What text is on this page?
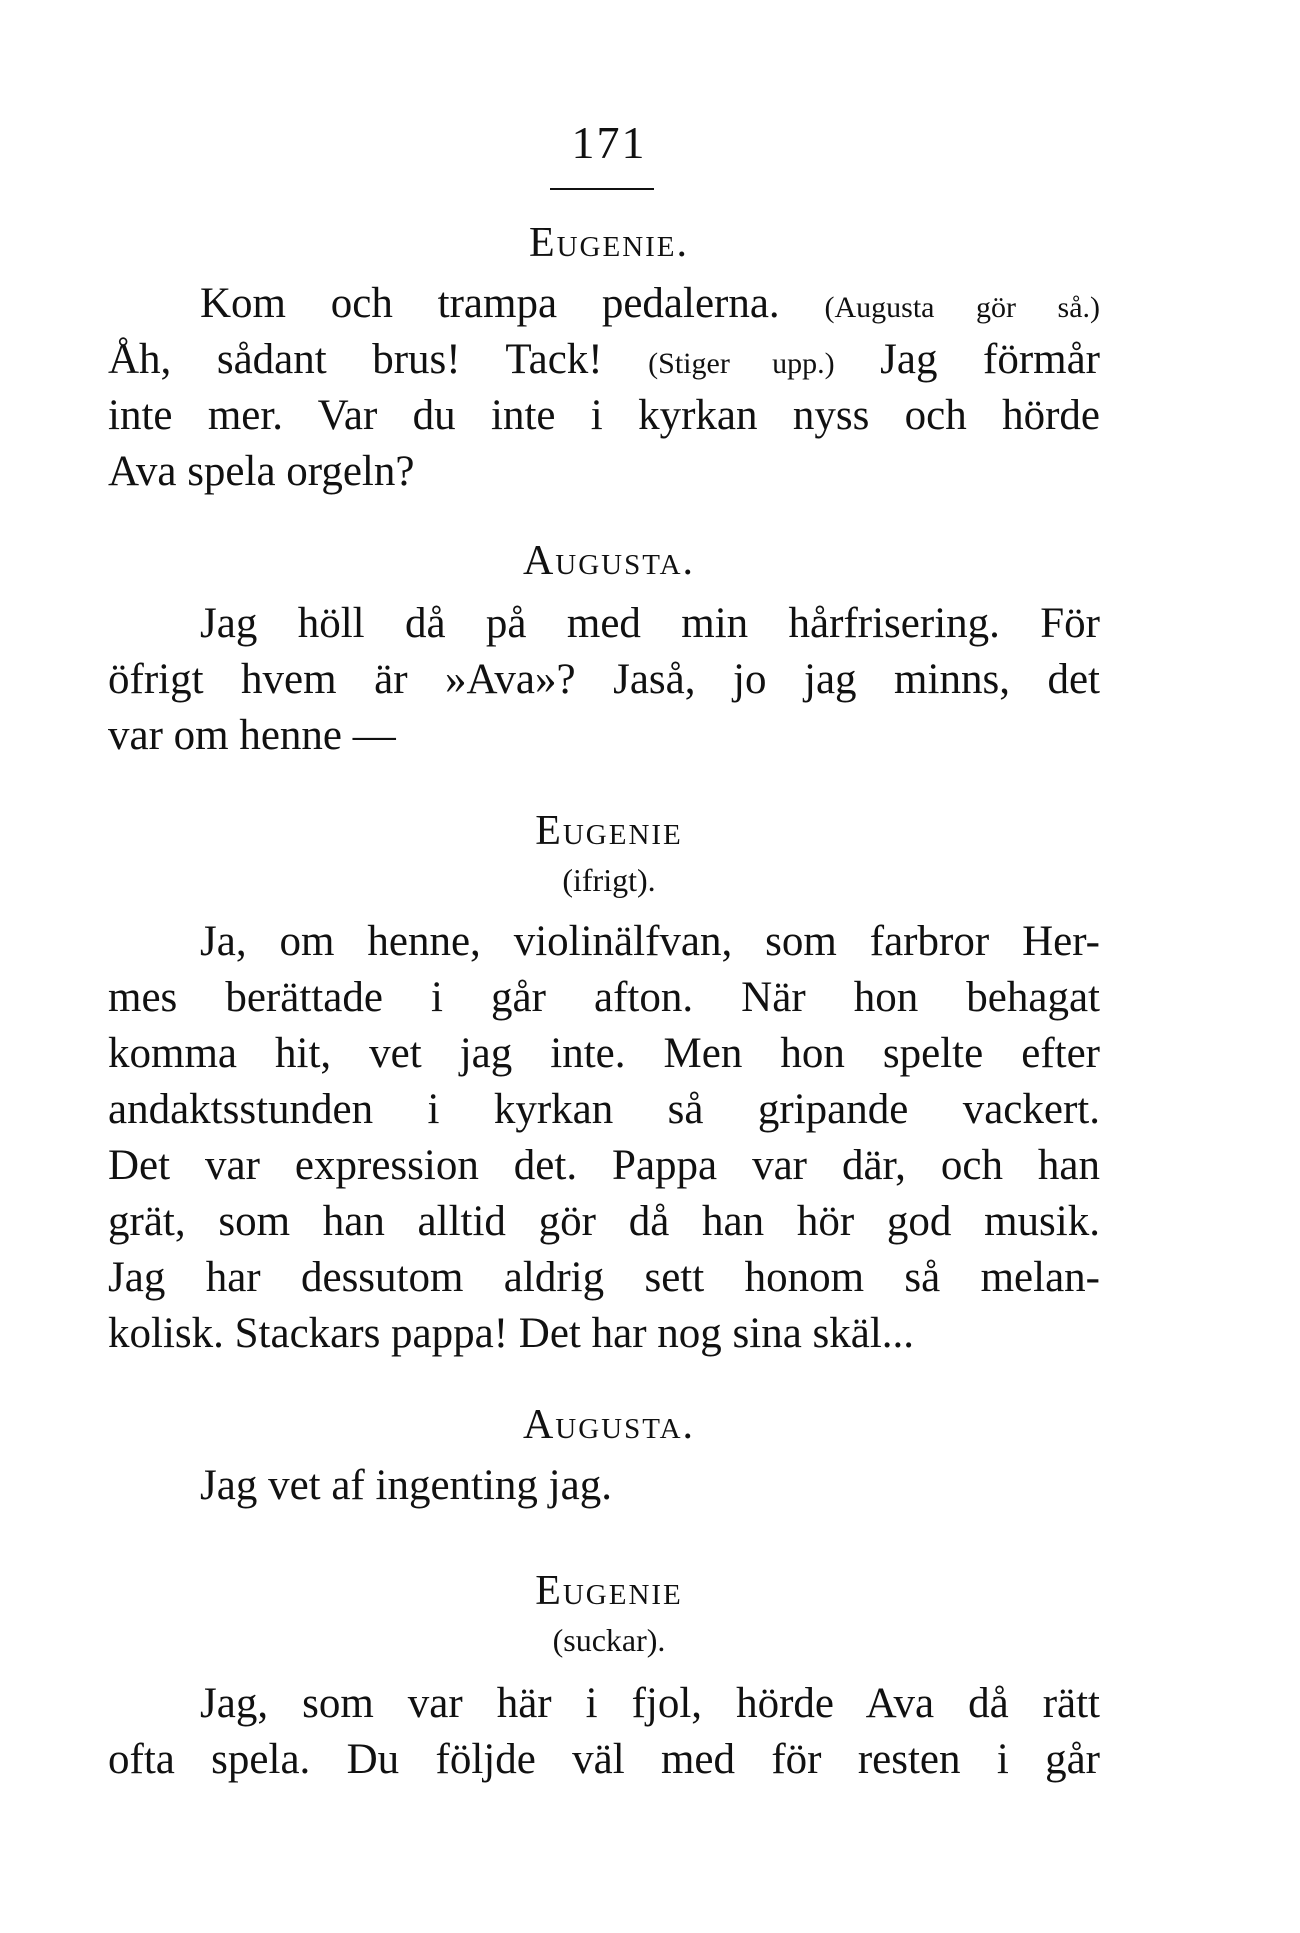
171
Eugenie.
Kom och trampa pedalerna. (Augusta gör så.)
Åh, sådant brus! Tack! (Stiger upp.) Jag förmår
inte mer. Var du inte i kyrkan nyss och hörde
Ava spela orgeln?
Augusta.
Jag höll då på med min hårfrisering. För
öfrigt hvem är »Ava»? Jaså, jo jag minns, det
var om henne —
Eugenie
(ifrigt).
Ja, om henne, violinälfvan, som farbror Her-
mes berättade i går afton. När hon behagat
komma hit, vet jag inte. Men hon spelte efter
andaktsstunden i kyrkan så gripande vackert.
Det var expression det. Pappa var där, och han
grät, som han alltid gör då han hör god musik.
Jag har dessutom aldrig sett honom så melan-
kolisk. Stackars pappa! Det har nog sina skäl...
Augusta.
Jag vet af ingenting jag.
Eugenie
(suckar).
Jag, som var här i fjol, hörde Ava då rätt
ofta spela. Du följde väl med för resten i går
